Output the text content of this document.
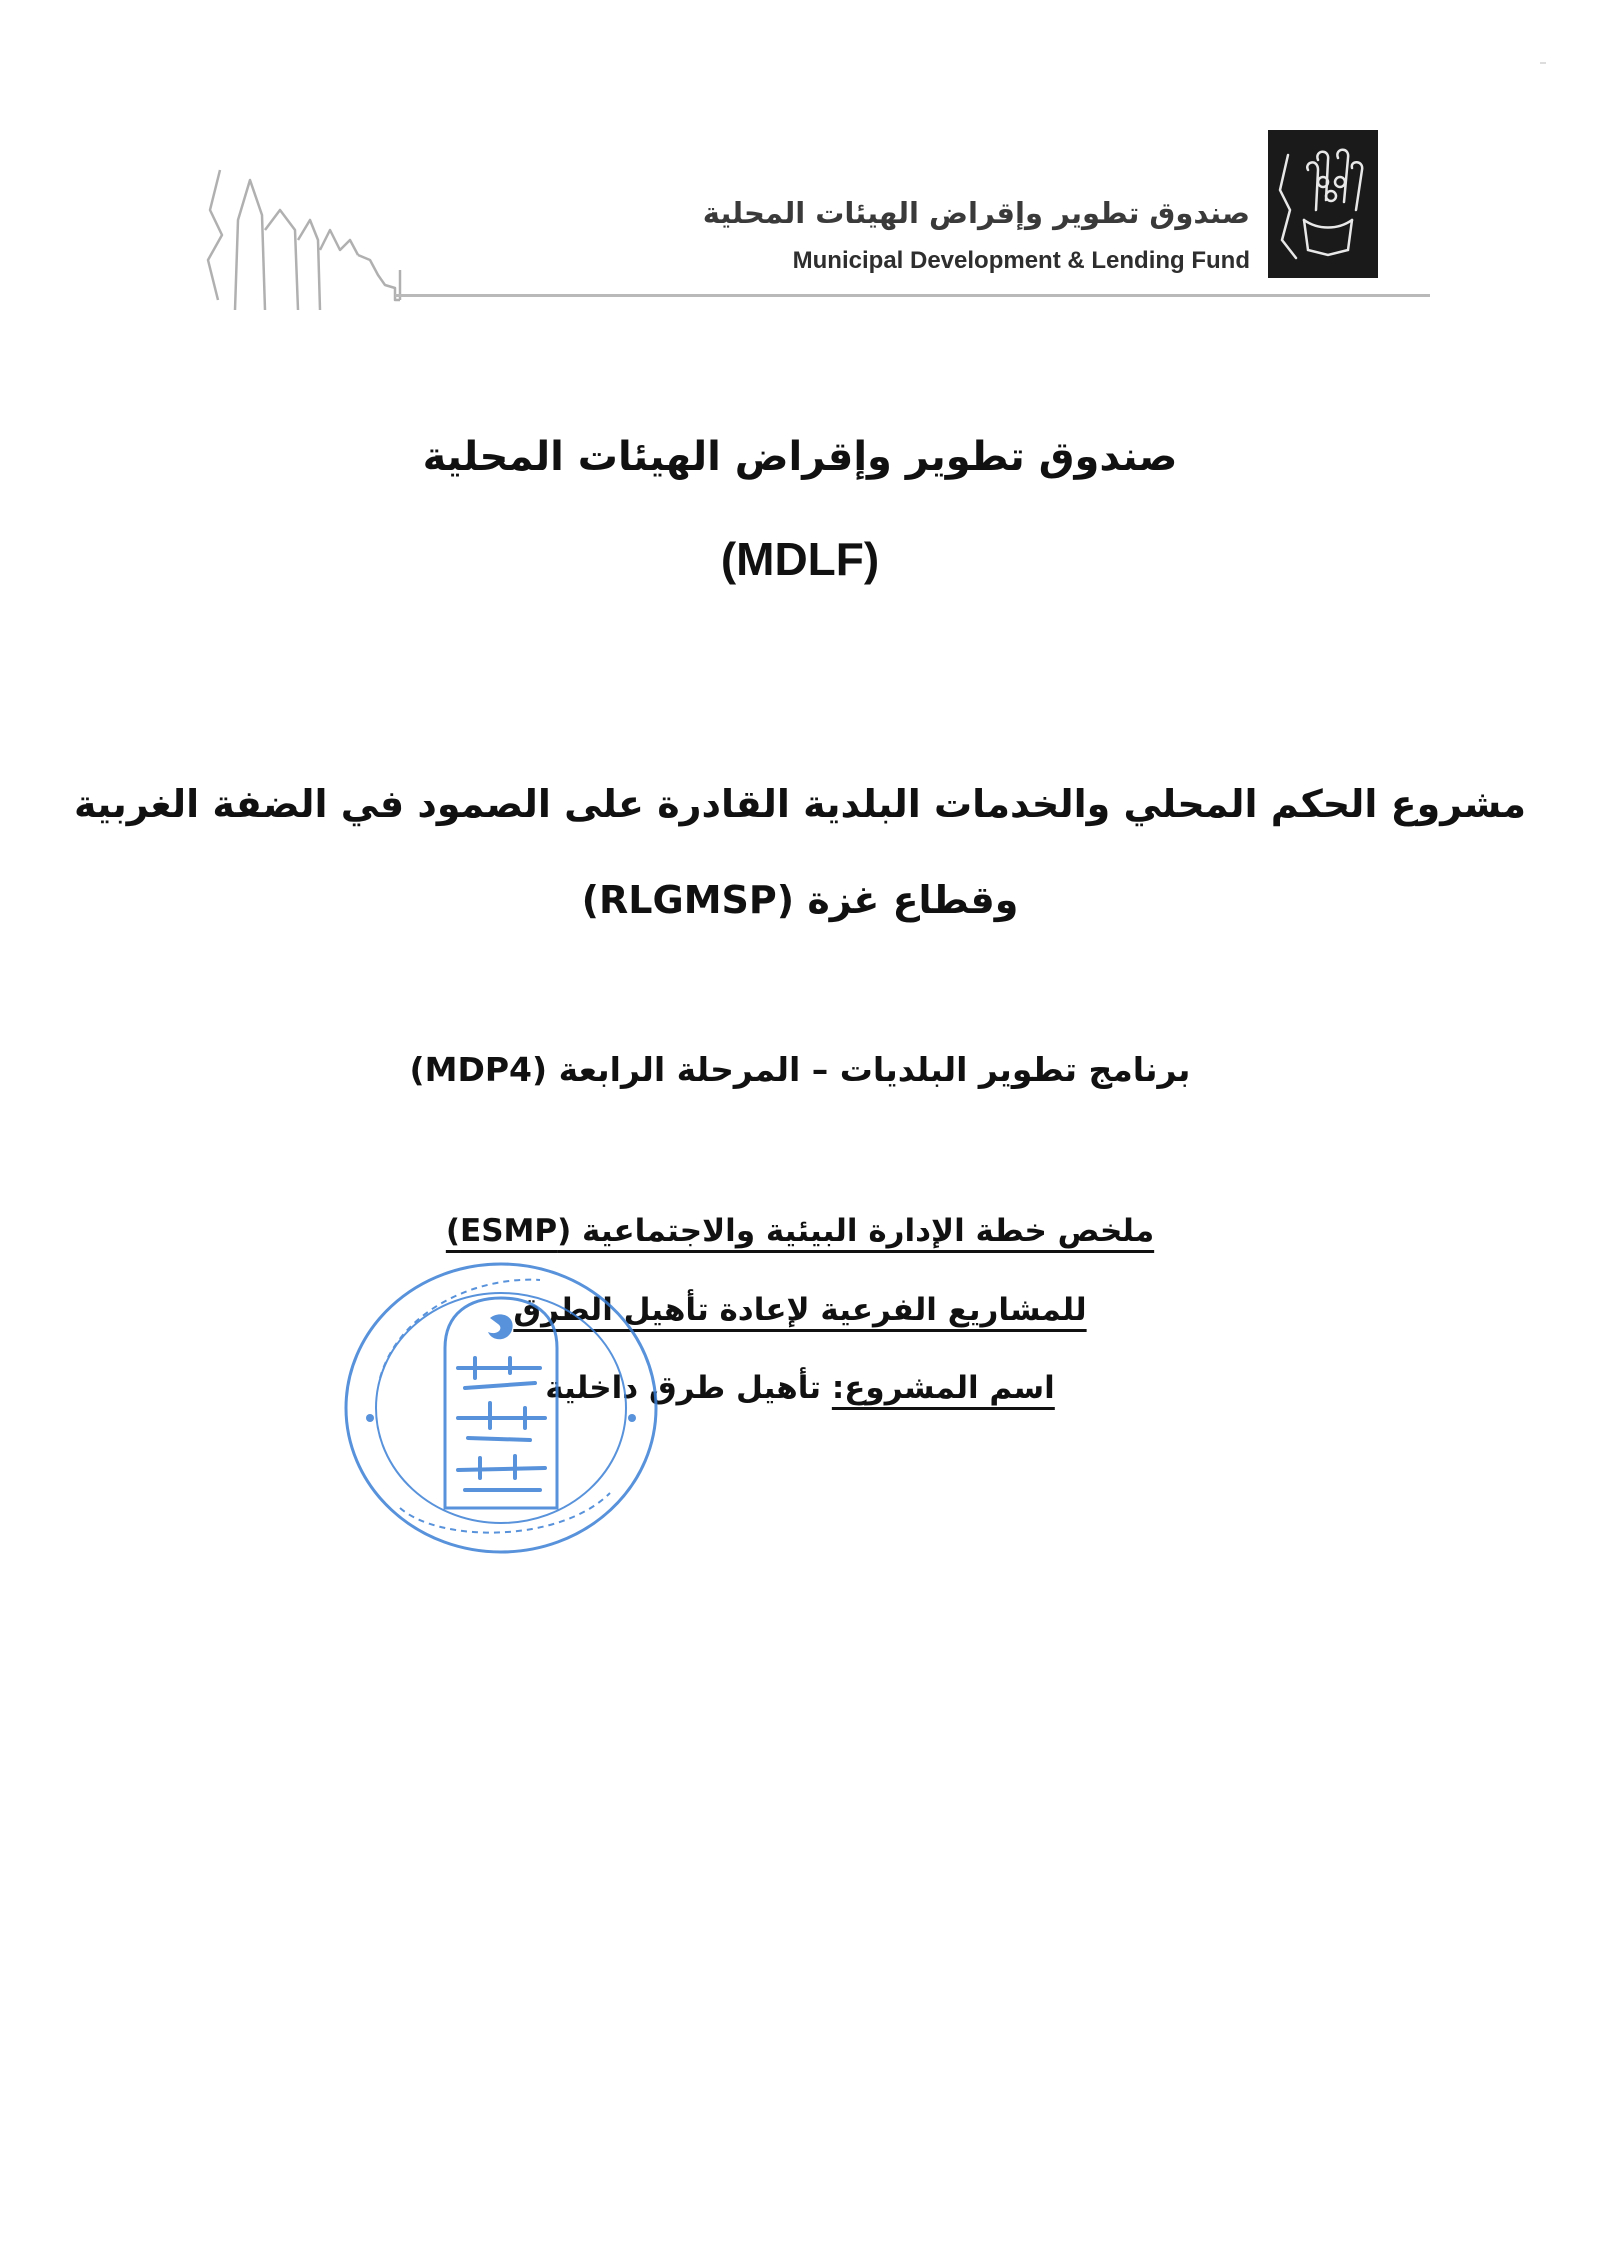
صندوق تطوير وإقراض الهيئات المحلية
Municipal Development & Lending Fund
صندوق تطوير وإقراض الهيئات المحلية
(MDLF)
مشروع الحكم المحلي والخدمات البلدية القادرة على الصمود في الضفة الغربية
وقطاع غزة (RLGMSP)
برنامج تطوير البلديات – المرحلة الرابعة (MDP4)
ملخص خطة الإدارة البيئية والاجتماعية (ESMP)
للمشاريع الفرعية لإعادة تأهيل الطرق
اسم المشروع: تأهيل طرق داخلية
